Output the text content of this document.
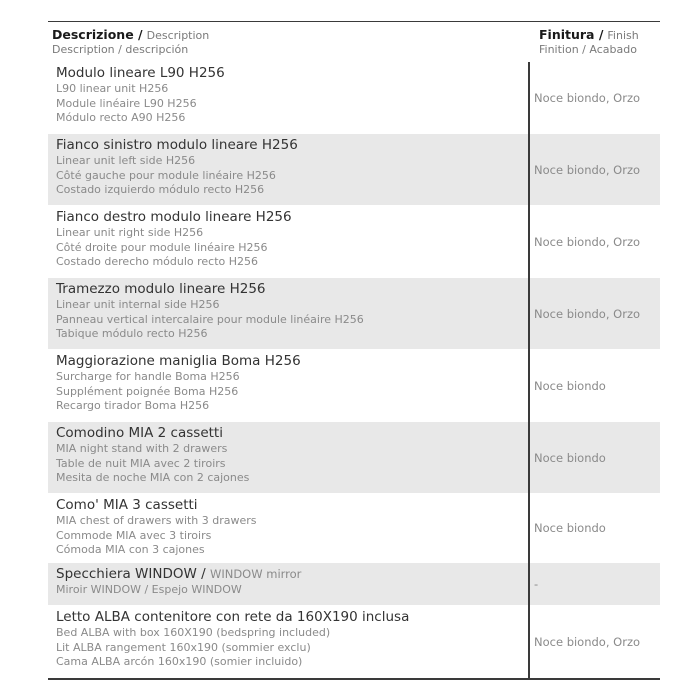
Descrizione / Description
Description / descripción
Finitura / Finish
Finition / Acabado
Modulo lineare L90 H256
L90 linear unit H256
Module linéaire L90 H256
Módulo recto A90 H256
Noce biondo, Orzo
Fianco sinistro modulo lineare H256
Linear unit left side H256
Côté gauche pour module linéaire H256
Costado izquierdo módulo recto H256
Noce biondo, Orzo
Fianco destro modulo lineare H256
Linear unit right side H256
Côté droite pour module linéaire H256
Costado derecho módulo recto H256
Noce biondo, Orzo
Tramezzo modulo lineare H256
Linear unit internal side H256
Panneau vertical intercalaire pour module linéaire H256
Tabique módulo recto H256
Noce biondo, Orzo
Maggiorazione maniglia Boma H256
Surcharge for handle Boma H256
Supplément poignée Boma H256
Recargo tirador Boma H256
Noce biondo
Comodino MIA 2 cassetti
MIA night stand with 2 drawers
Table de nuit MIA avec 2 tiroirs
Mesita de noche MIA con 2 cajones
Noce biondo
Como' MIA 3 cassetti
MIA chest of drawers with 3 drawers
Commode MIA avec 3 tiroirs
Cómoda MIA con 3 cajones
Noce biondo
Specchiera WINDOW / WINDOW mirror
Miroir WINDOW / Espejo WINDOW	-
Letto ALBA contenitore con rete da 160X190 inclusa
Bed ALBA with box 160X190 (bedspring included)
Lit ALBA rangement 160x190 (sommier exclu)
Cama ALBA arcón 160x190 (somier incluido)
Noce biondo, Orzo
